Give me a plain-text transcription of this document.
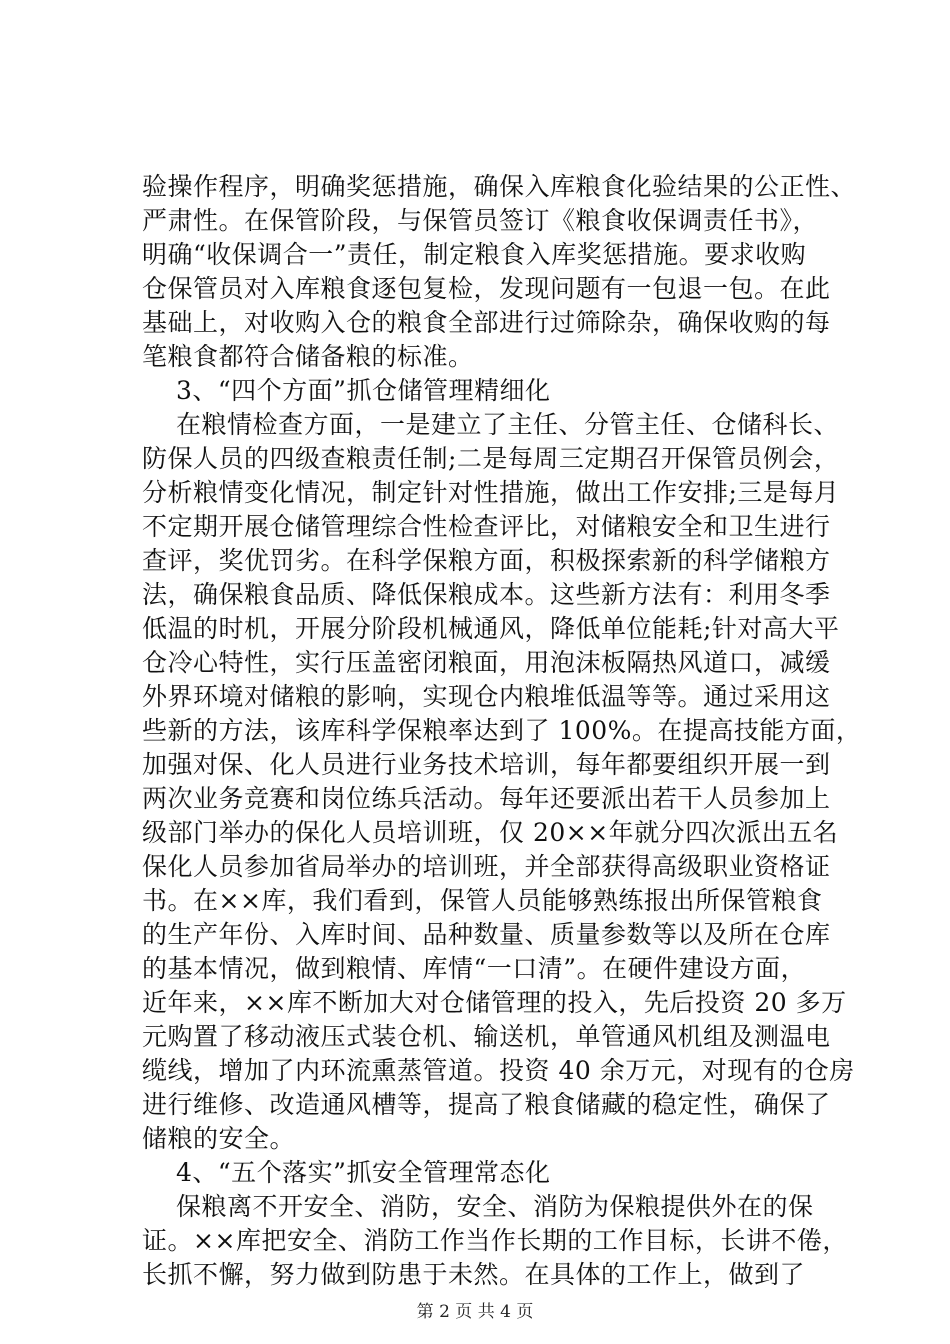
验操作程序，明确奖惩措施，确保入库粮食化验结果的公正性、
严肃性。在保管阶段，与保管员签订《粮食收保调责任书》，
明确“收保调合一”责任，制定粮食入库奖惩措施。要求收购
仓保管员对入库粮食逐包复检，发现问题有一包退一包。在此
基础上，对收购入仓的粮食全部进行过筛除杂，确保收购的每
笔粮食都符合储备粮的标准。
3、“四个方面”抓仓储管理精细化
在粮情检查方面，一是建立了主任、分管主任、仓储科长、
防保人员的四级查粮责任制;二是每周三定期召开保管员例会，
分析粮情变化情况，制定针对性措施，做出工作安排;三是每月
不定期开展仓储管理综合性检查评比，对储粮安全和卫生进行
查评，奖优罚劣。在科学保粮方面，积极探索新的科学储粮方
法，确保粮食品质、降低保粮成本。这些新方法有：利用冬季
低温的时机，开展分阶段机械通风，降低单位能耗;针对高大平
仓冷心特性，实行压盖密闭粮面，用泡沫板隔热风道口，减缓
外界环境对储粮的影响，实现仓内粮堆低温等等。通过采用这
些新的方法，该库科学保粮率达到了 100%。在提高技能方面，
加强对保、化人员进行业务技术培训，每年都要组织开展一到
两次业务竞赛和岗位练兵活动。每年还要派出若干人员参加上
级部门举办的保化人员培训班，仅 20××年就分四次派出五名
保化人员参加省局举办的培训班，并全部获得高级职业资格证
书。在××库，我们看到，保管人员能够熟练报出所保管粮食
的生产年份、入库时间、品种数量、质量参数等以及所在仓库
的基本情况，做到粮情、库情“一口清”。在硬件建设方面，
近年来，××库不断加大对仓储管理的投入，先后投资 20 多万
元购置了移动液压式装仓机、输送机，单管通风机组及测温电
缆线，增加了内环流熏蒸管道。投资 40 余万元，对现有的仓房
进行维修、改造通风槽等，提高了粮食储藏的稳定性，确保了
储粮的安全。
4、“五个落实”抓安全管理常态化
保粮离不开安全、消防，安全、消防为保粮提供外在的保
证。××库把安全、消防工作当作长期的工作目标，长讲不倦，
长抓不懈，努力做到防患于未然。在具体的工作上，做到了
第 2 页 共 4 页
